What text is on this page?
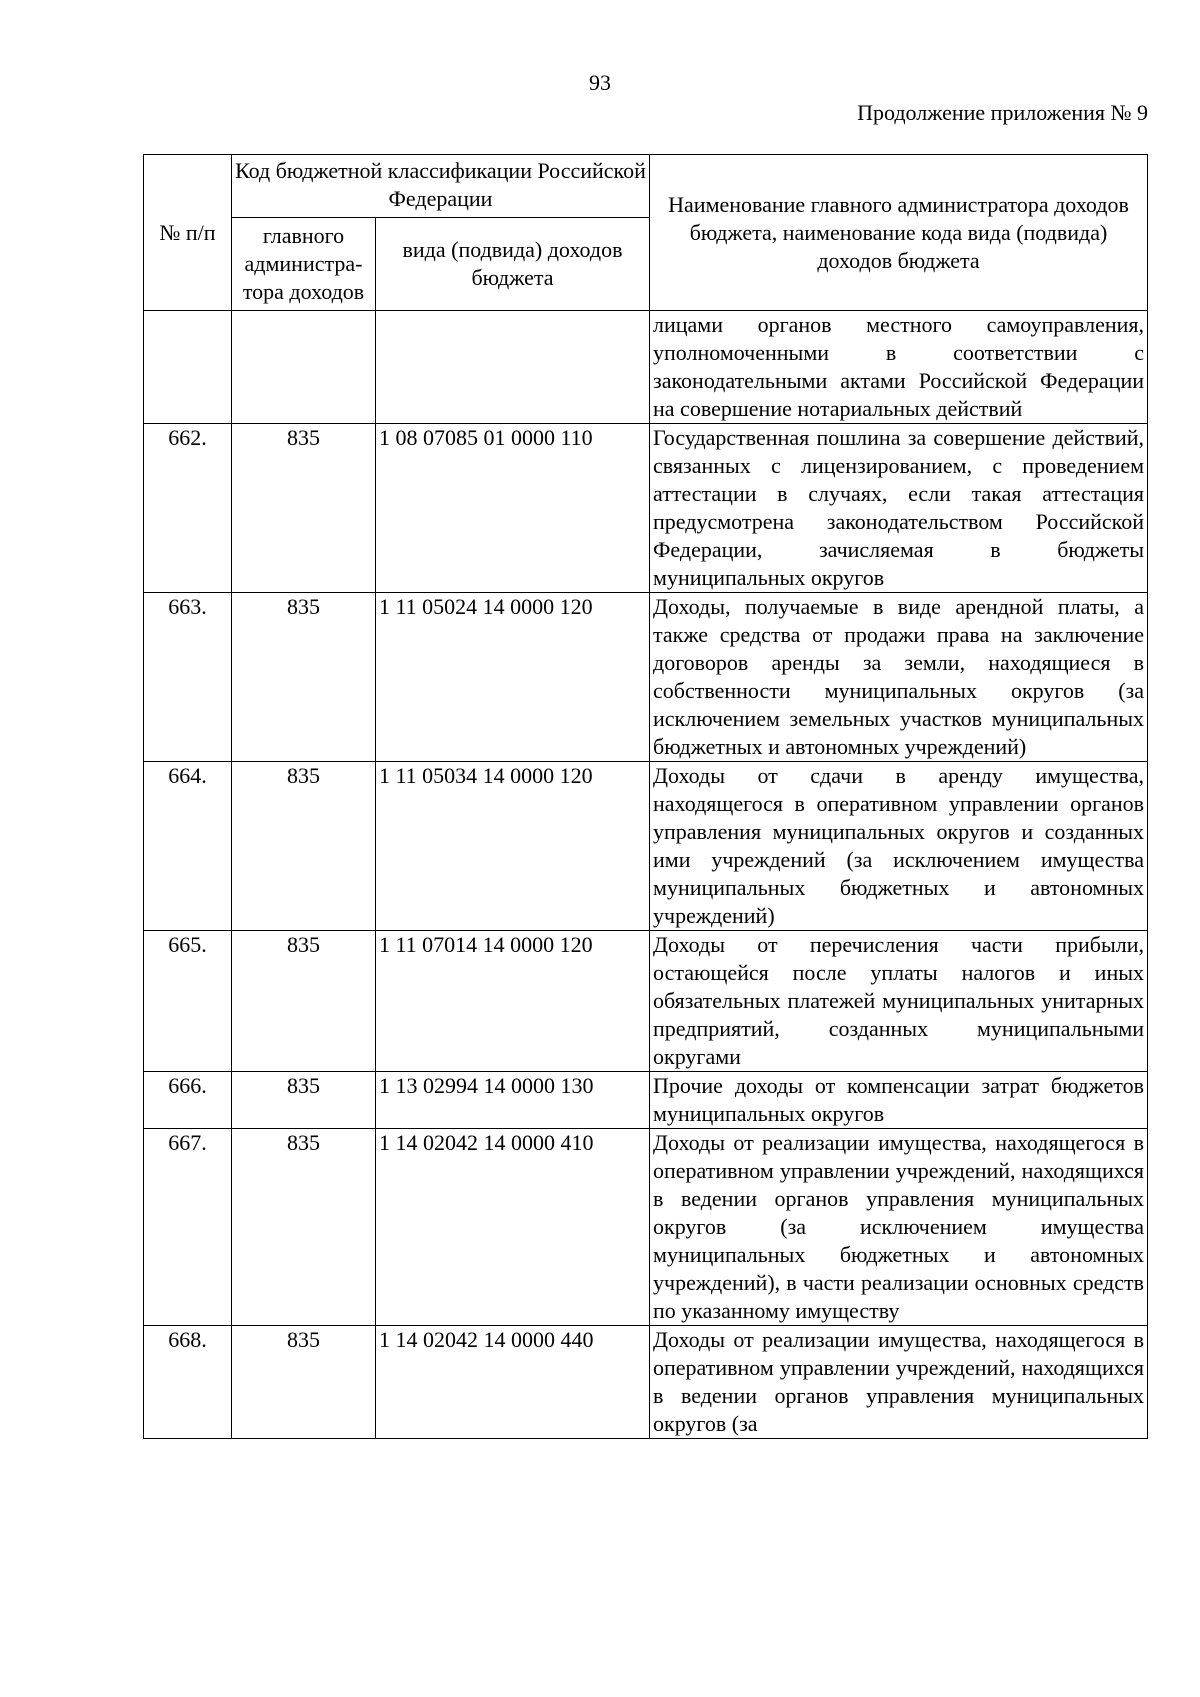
93
Продолжение приложения № 9
№ п/п	Код бюджетной классификации Российской Федерации		Наименование главного администратора доходов бюджета, наименование кода вида (подвида) доходов бюджета
	главного администра-тора доходов	вида (подвида) доходов бюджета	
			лицами органов местного самоуправления, уполномоченными в соответствии с законодательными актами Российской Федерации на совершение нотариальных действий
662.	835	1 08 07085 01 0000 110	Государственная пошлина за совершение действий, связанных с лицензированием, с проведением аттестации в случаях, если такая аттестация предусмотрена законодательством Российской Федерации, зачисляемая в бюджеты муниципальных округов
663.	835	1 11 05024 14 0000 120	Доходы, получаемые в виде арендной платы, а также средства от продажи права на заключение договоров аренды за земли, находящиеся в собственности муниципальных округов (за исключением земельных участков муниципальных бюджетных и автономных учреждений)
664.	835	1 11 05034 14 0000 120	Доходы от сдачи в аренду имущества, находящегося в оперативном управлении органов управления муниципальных округов и созданных ими учреждений (за исключением имущества муниципальных бюджетных и автономных учреждений)
665.	835	1 11 07014 14 0000 120	Доходы от перечисления части прибыли, остающейся после уплаты налогов и иных обязательных платежей муниципальных унитарных предприятий, созданных муниципальными округами
666.	835	1 13 02994 14 0000 130	Прочие доходы от компенсации затрат бюджетов муниципальных округов
667.	835	1 14 02042 14 0000 410	Доходы от реализации имущества, находящегося в оперативном управлении учреждений, находящихся в ведении органов управления муниципальных округов (за исключением имущества муниципальных бюджетных и автономных учреждений), в части реализации основных средств по указанному имуществу
668.	835	1 14 02042 14 0000 440	Доходы от реализации имущества, находящегося в оперативном управлении учреждений, находящихся в ведении органов управления муниципальных округов (за
